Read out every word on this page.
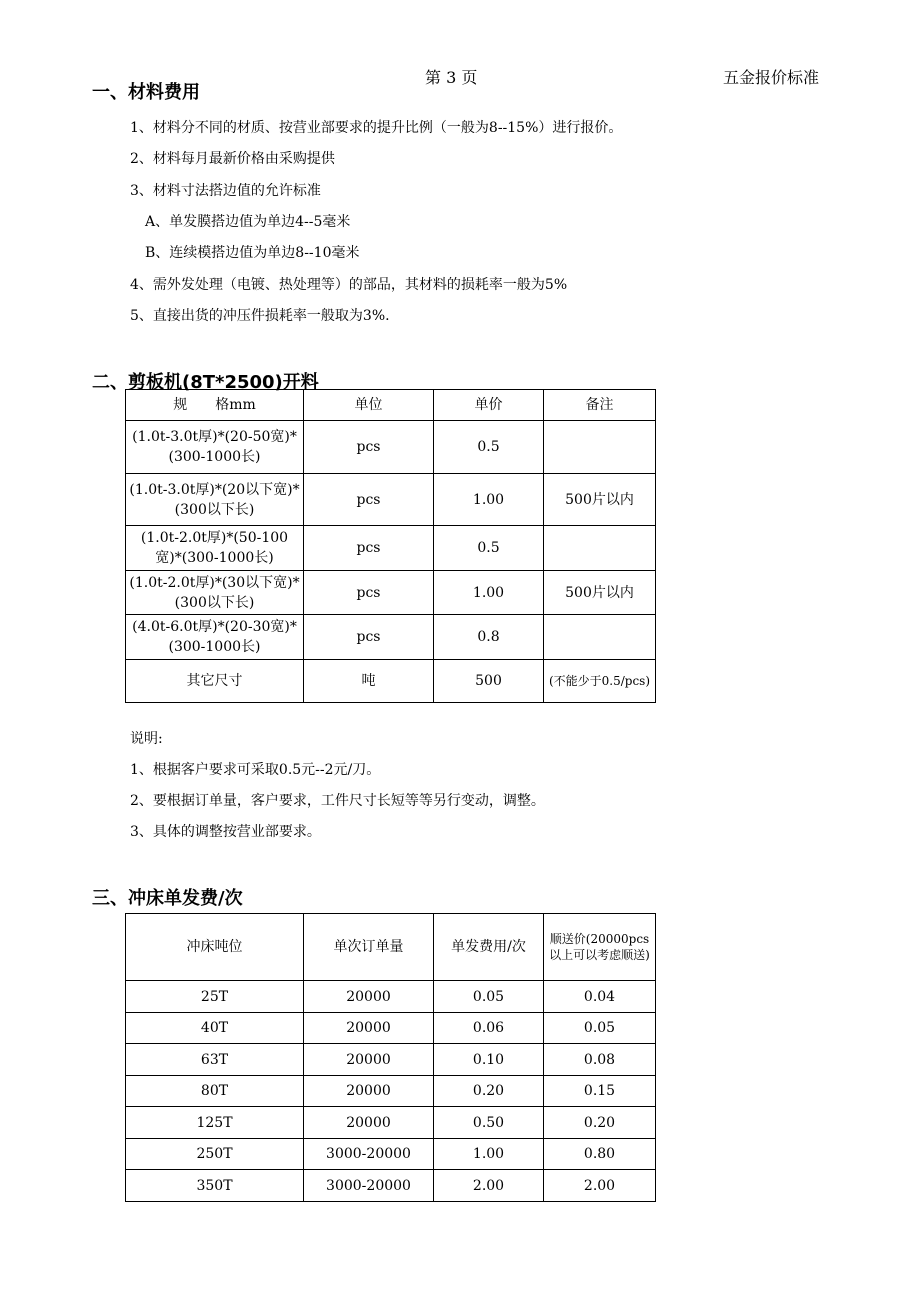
第 3 页	五金报价标准
一、材料费用
1、材料分不同的材质、按营业部要求的提升比例（一般为8--15%）进行报价。
2、材料每月最新价格由采购提供
3、材料寸法搭边值的允许标准
A、单发膜搭边值为单边4--5毫米
B、连续模搭边值为单边8--10毫米
4、需外发处理（电镀、热处理等）的部品，其材料的损耗率一般为5%
5、直接出货的冲压件损耗率一般取为3%.
二、剪板机(8T*2500)开料
规　　格mm	单位	单价	备注
(1.0t-3.0t厚)*(20-50宽)*(300-1000长)	pcs	0.5	
(1.0t-3.0t厚)*(20以下宽)*(300以下长)	pcs	1.00	500片以内
(1.0t-2.0t厚)*(50-100宽)*(300-1000长)	pcs	0.5	
(1.0t-2.0t厚)*(30以下宽)*(300以下长)	pcs	1.00	500片以内
(4.0t-6.0t厚)*(20-30宽)*(300-1000长)	pcs	0.8	
其它尺寸	吨	500	(不能少于0.5/pcs)
说明:
1、根据客户要求可采取0.5元--2元/刀。
2、要根据订单量，客户要求，工件尺寸长短等等另行变动，调整。
3、具体的调整按营业部要求。
三、冲床单发费/次
冲床吨位	单次订单量	单发费用/次	顺送价(20000pcs以上可以考虑顺送)
25T	20000	0.05	0.04
40T	20000	0.06	0.05
63T	20000	0.10	0.08
80T	20000	0.20	0.15
125T	20000	0.50	0.20
250T	3000-20000	1.00	0.80
350T	3000-20000	2.00	2.00
